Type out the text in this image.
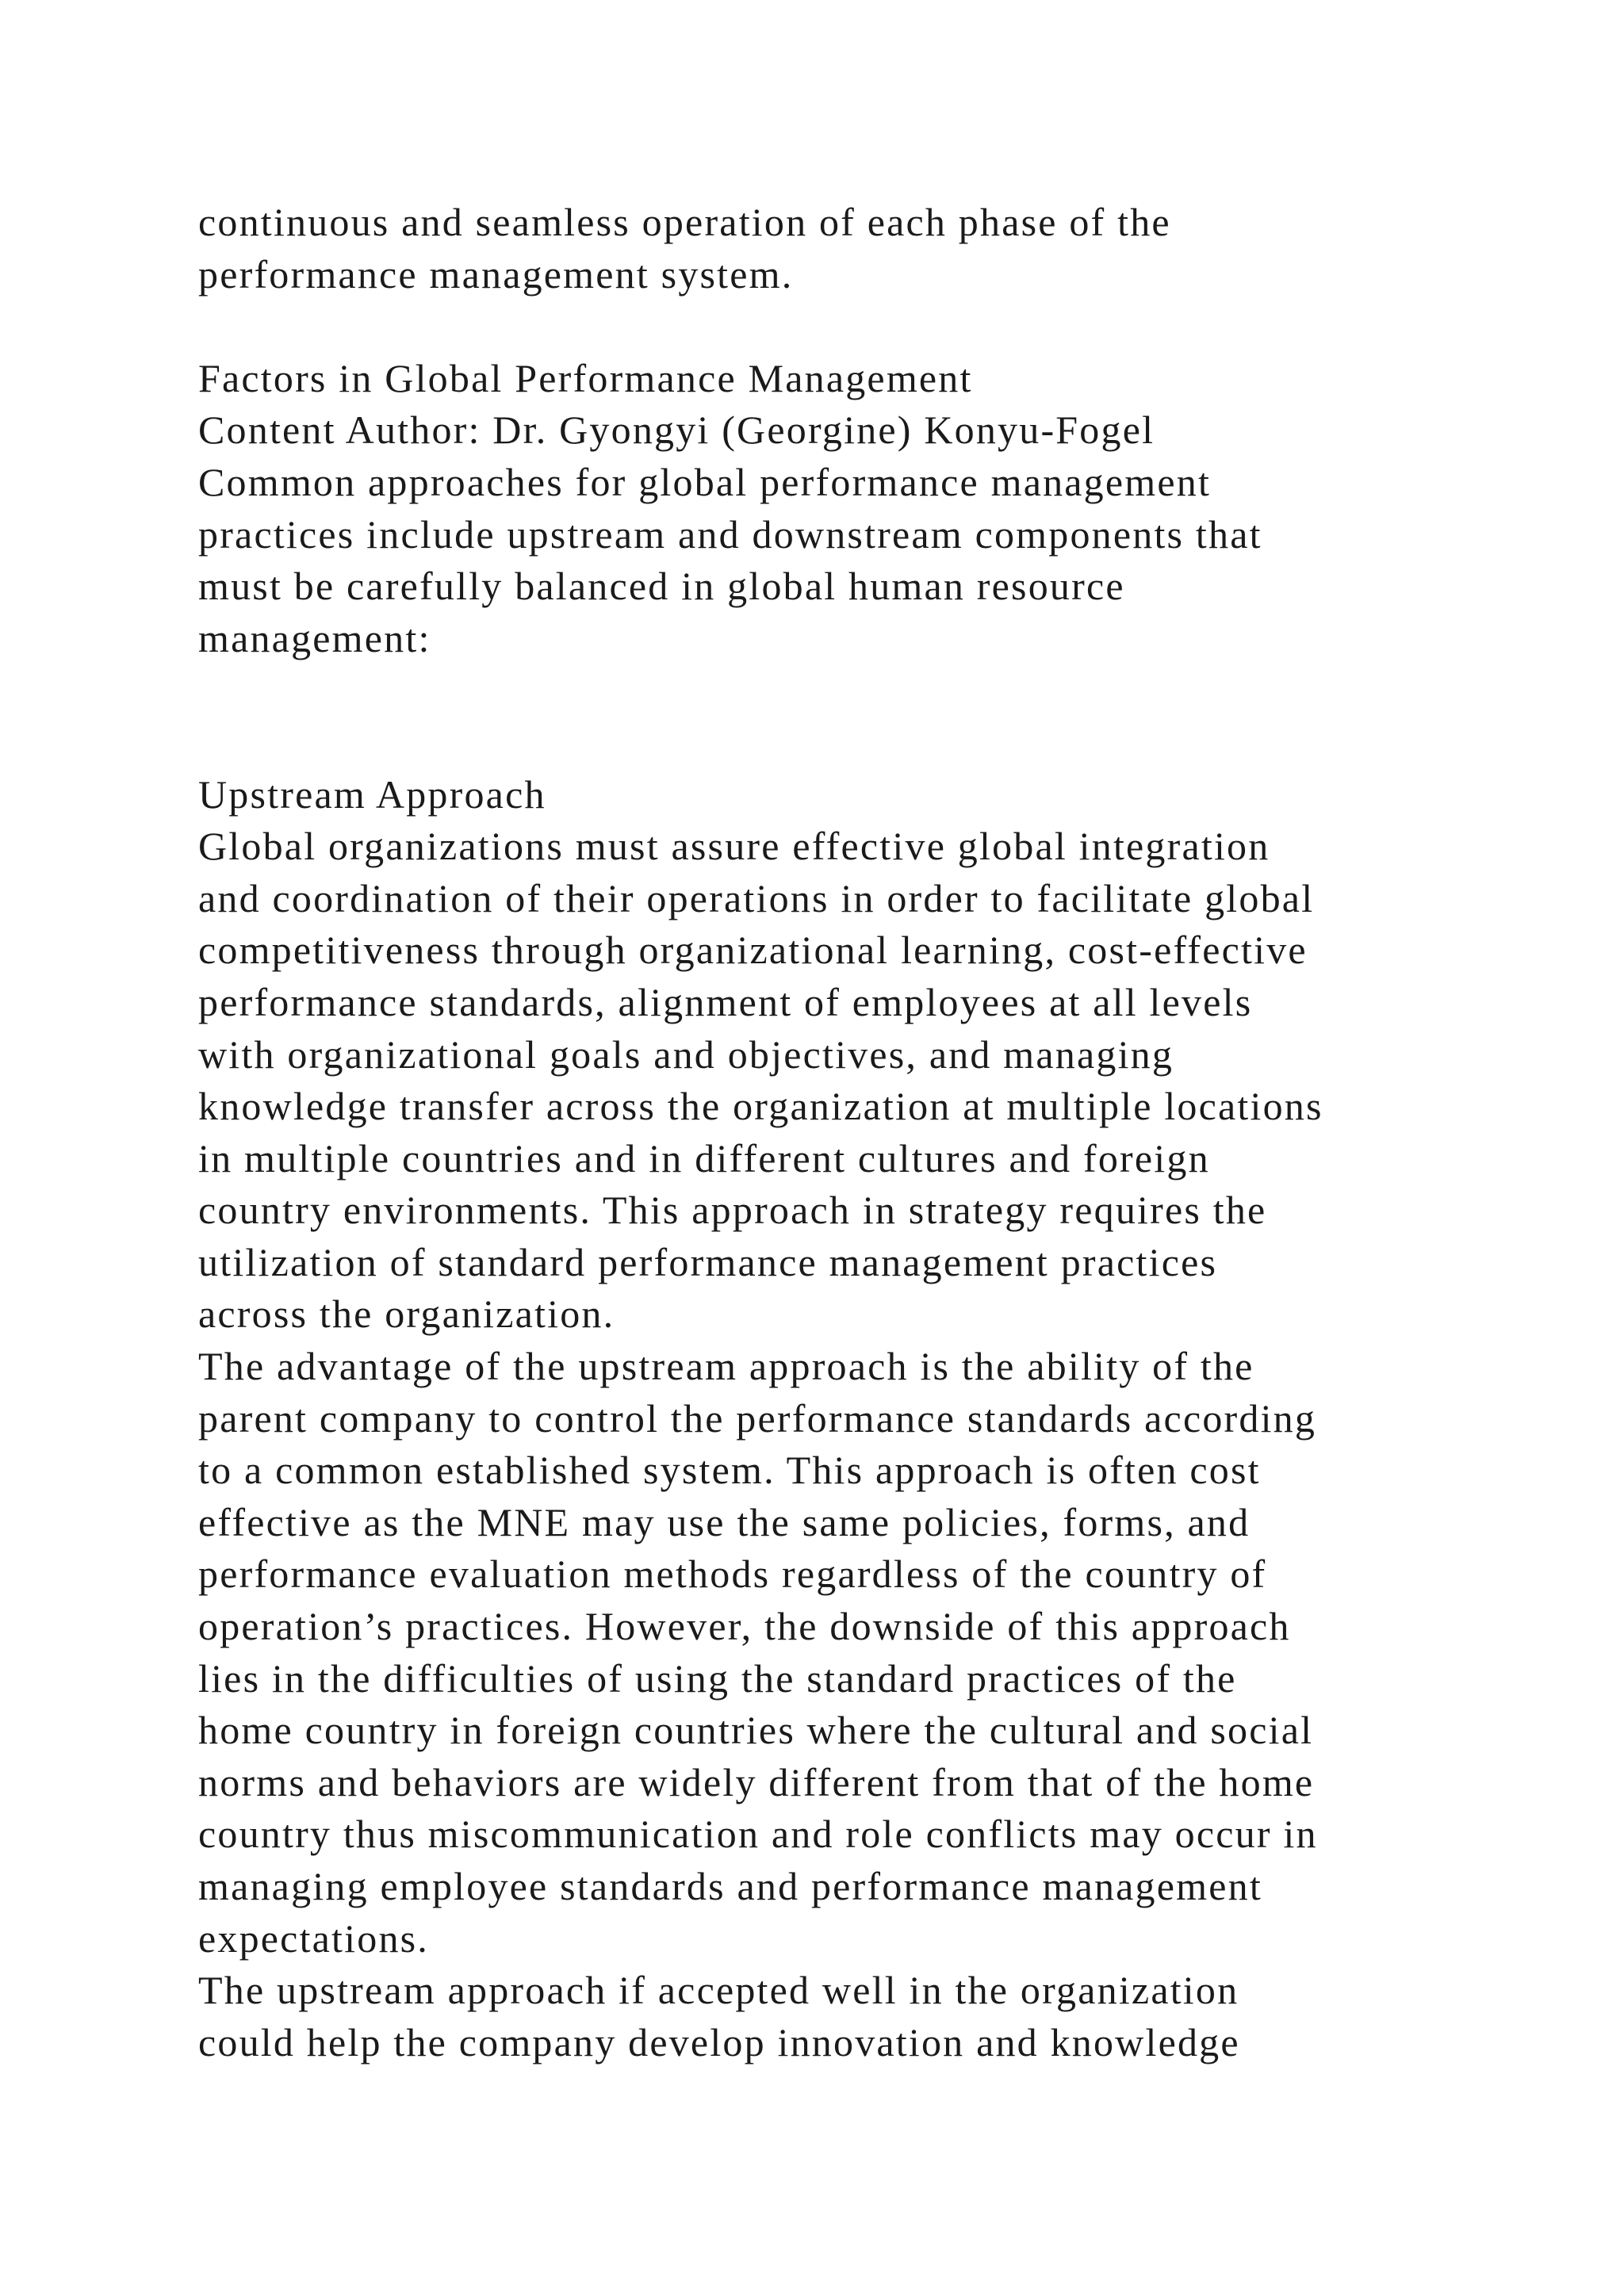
continuous and seamless operation of each phase of the
performance management system.
Factors in Global Performance Management
Content Author: Dr. Gyongyi (Georgine) Konyu-Fogel
Common approaches for global performance management
practices include upstream and downstream components that
must be carefully balanced in global human resource
management:
Upstream Approach
Global organizations must assure effective global integration
and coordination of their operations in order to facilitate global
competitiveness through organizational learning, cost-effective
performance standards, alignment of employees at all levels
with organizational goals and objectives, and managing
knowledge transfer across the organization at multiple locations
in multiple countries and in different cultures and foreign
country environments. This approach in strategy requires the
utilization of standard performance management practices
across the organization.
The advantage of the upstream approach is the ability of the
parent company to control the performance standards according
to a common established system. This approach is often cost
effective as the MNE may use the same policies, forms, and
performance evaluation methods regardless of the country of
operation’s practices. However, the downside of this approach
lies in the difficulties of using the standard practices of the
home country in foreign countries where the cultural and social
norms and behaviors are widely different from that of the home
country thus miscommunication and role conflicts may occur in
managing employee standards and performance management
expectations.
The upstream approach if accepted well in the organization
could help the company develop innovation and knowledge
